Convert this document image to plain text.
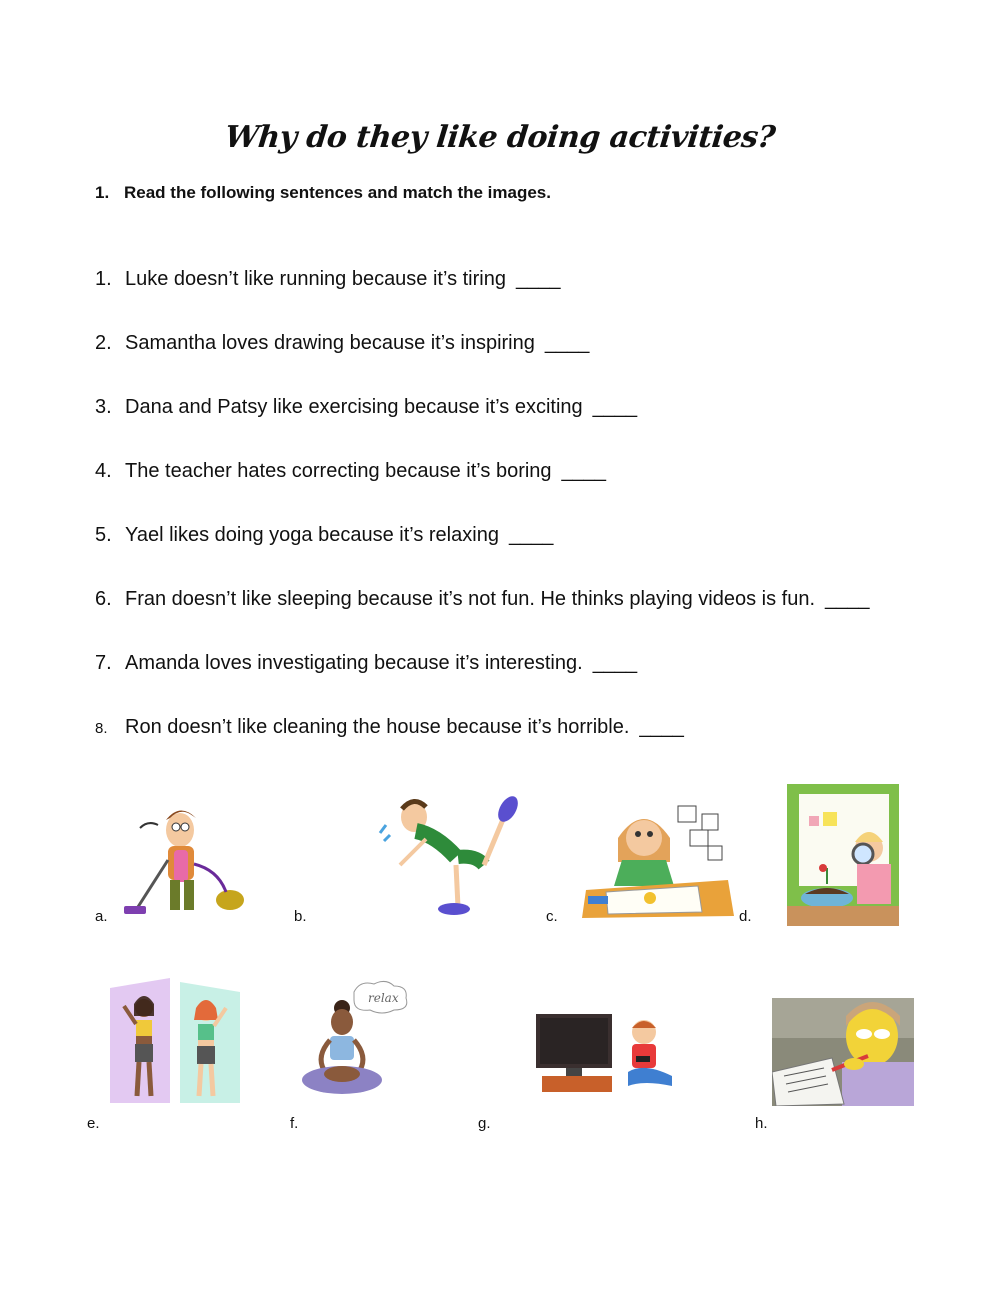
Why do they like doing activities?
1. Read the following sentences and match the images.
1. Luke doesn’t like running because it’s tiring ____
2. Samantha loves drawing because it’s inspiring ____
3. Dana and Patsy like exercising because it’s exciting ____
4. The teacher hates correcting because it’s boring ____
5. Yael likes doing yoga because it’s relaxing ____
6. Fran doesn’t like sleeping because it’s not fun. He thinks playing videos is fun. ____
7. Amanda loves investigating because it’s interesting. ____
8. Ron doesn’t like cleaning the house because it’s horrible. ____
a.	b.	c.	d.
e.	f.	g.	h.
relax
